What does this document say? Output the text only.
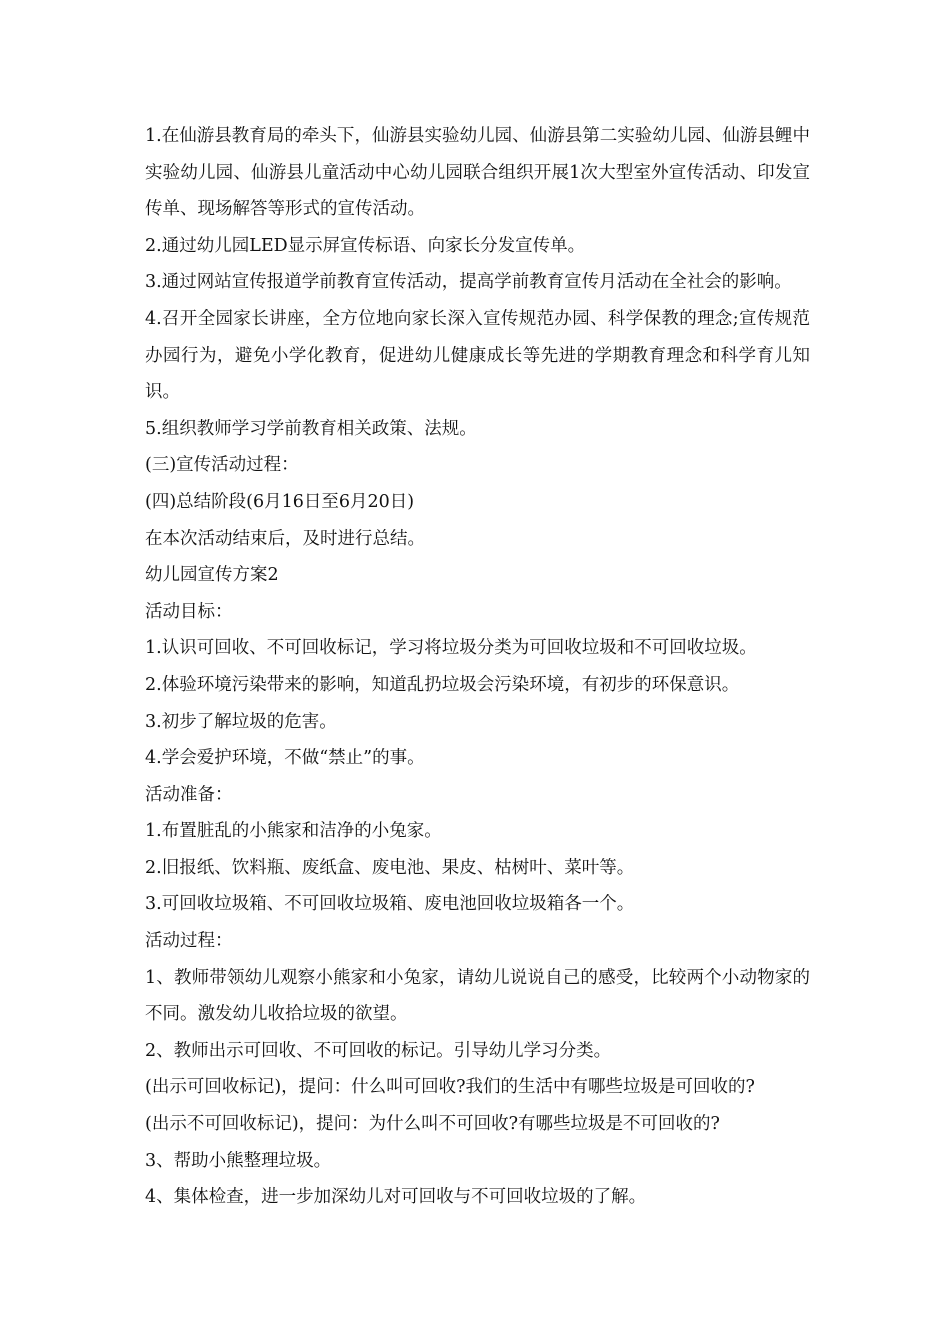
1.在仙游县教育局的牵头下，仙游县实验幼儿园、仙游县第二实验幼儿园、仙游县鲤中实验幼儿园、仙游县儿童活动中心幼儿园联合组织开展1次大型室外宣传活动、印发宣传单、现场解答等形式的宣传活动。

2.通过幼儿园LED显示屏宣传标语、向家长分发宣传单。

3.通过网站宣传报道学前教育宣传活动，提高学前教育宣传月活动在全社会的影响。

4.召开全园家长讲座，全方位地向家长深入宣传规范办园、科学保教的理念;宣传规范办园行为，避免小学化教育，促进幼儿健康成长等先进的学期教育理念和科学育儿知识。

5.组织教师学习学前教育相关政策、法规。

(三)宣传活动过程：

(四)总结阶段(6月16日至6月20日)

在本次活动结束后，及时进行总结。

幼儿园宣传方案2

活动目标：

1.认识可回收、不可回收标记，学习将垃圾分类为可回收垃圾和不可回收垃圾。

2.体验环境污染带来的影响，知道乱扔垃圾会污染环境，有初步的环保意识。

3.初步了解垃圾的危害。

4.学会爱护环境，不做“禁止”的事。

活动准备：

1.布置脏乱的小熊家和洁净的小兔家。

2.旧报纸、饮料瓶、废纸盒、废电池、果皮、枯树叶、菜叶等。

3.可回收垃圾箱、不可回收垃圾箱、废电池回收垃圾箱各一个。

活动过程：

1、教师带领幼儿观察小熊家和小兔家，请幼儿说说自己的感受，比较两个小动物家的不同。激发幼儿收拾垃圾的欲望。

2、教师出示可回收、不可回收的标记。引导幼儿学习分类。

(出示可回收标记)，提问：什么叫可回收?我们的生活中有哪些垃圾是可回收的?

(出示不可回收标记)，提问：为什么叫不可回收?有哪些垃圾是不可回收的?

3、帮助小熊整理垃圾。

4、集体检查，进一步加深幼儿对可回收与不可回收垃圾的了解。
